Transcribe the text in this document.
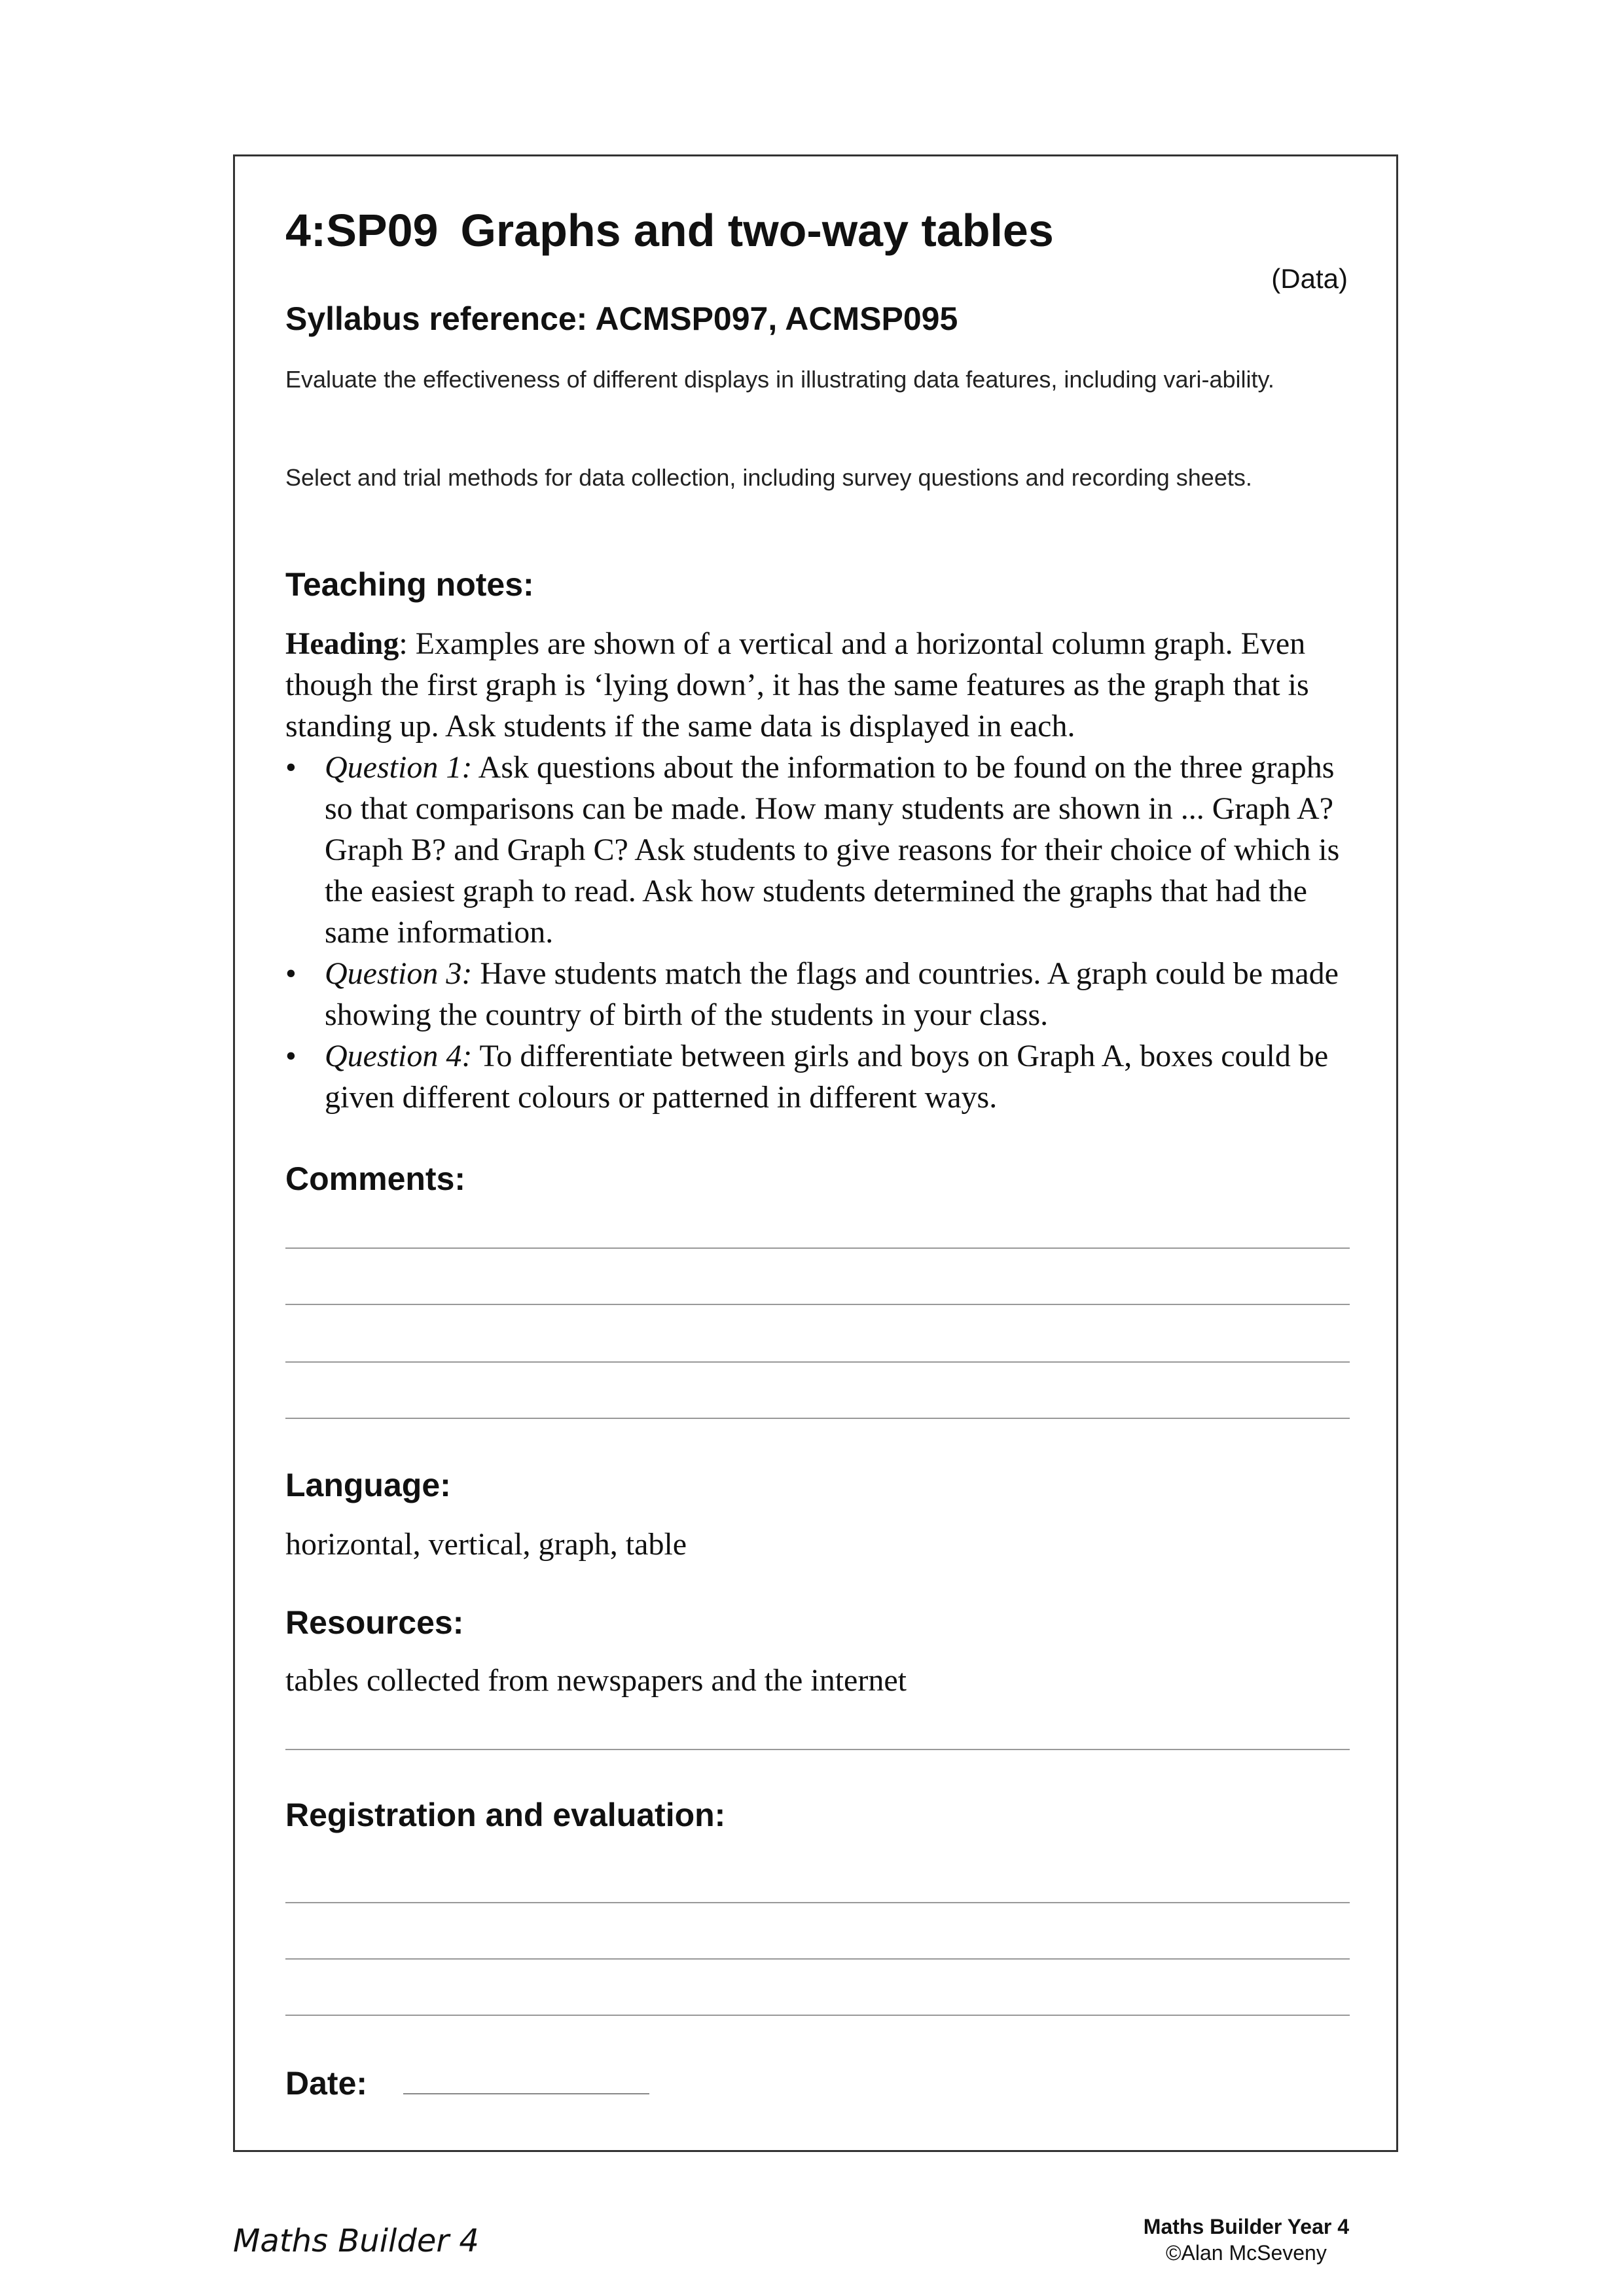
4:SP09 Graphs and two-way tables
(Data)
Syllabus reference: ACMSP097, ACMSP095
Evaluate the effectiveness of different displays in illustrating data features, including vari-ability.
Select and trial methods for data collection, including survey questions and recording sheets.
Teaching notes:
Heading: Examples are shown of a vertical and a horizontal column graph. Even though the first graph is ‘lying down’, it has the same features as the graph that is standing up. Ask students if the same data is displayed in each.
• Question 1: Ask questions about the information to be found on the three graphs so that comparisons can be made. How many students are shown in ... Graph A? Graph B? and Graph C? Ask students to give reasons for their choice of which is the easiest graph to read. Ask how students determined the graphs that had the same information.
• Question 3: Have students match the flags and countries. A graph could be made showing the country of birth of the students in your class.
• Question 4: To differentiate between girls and boys on Graph A, boxes could be given different colours or patterned in different ways.
Comments:
Language:
horizontal, vertical, graph, table
Resources:
tables collected from newspapers and the internet
Registration and evaluation:
Date:
Maths Builder 4	Maths Builder Year 4
©Alan McSeveny
